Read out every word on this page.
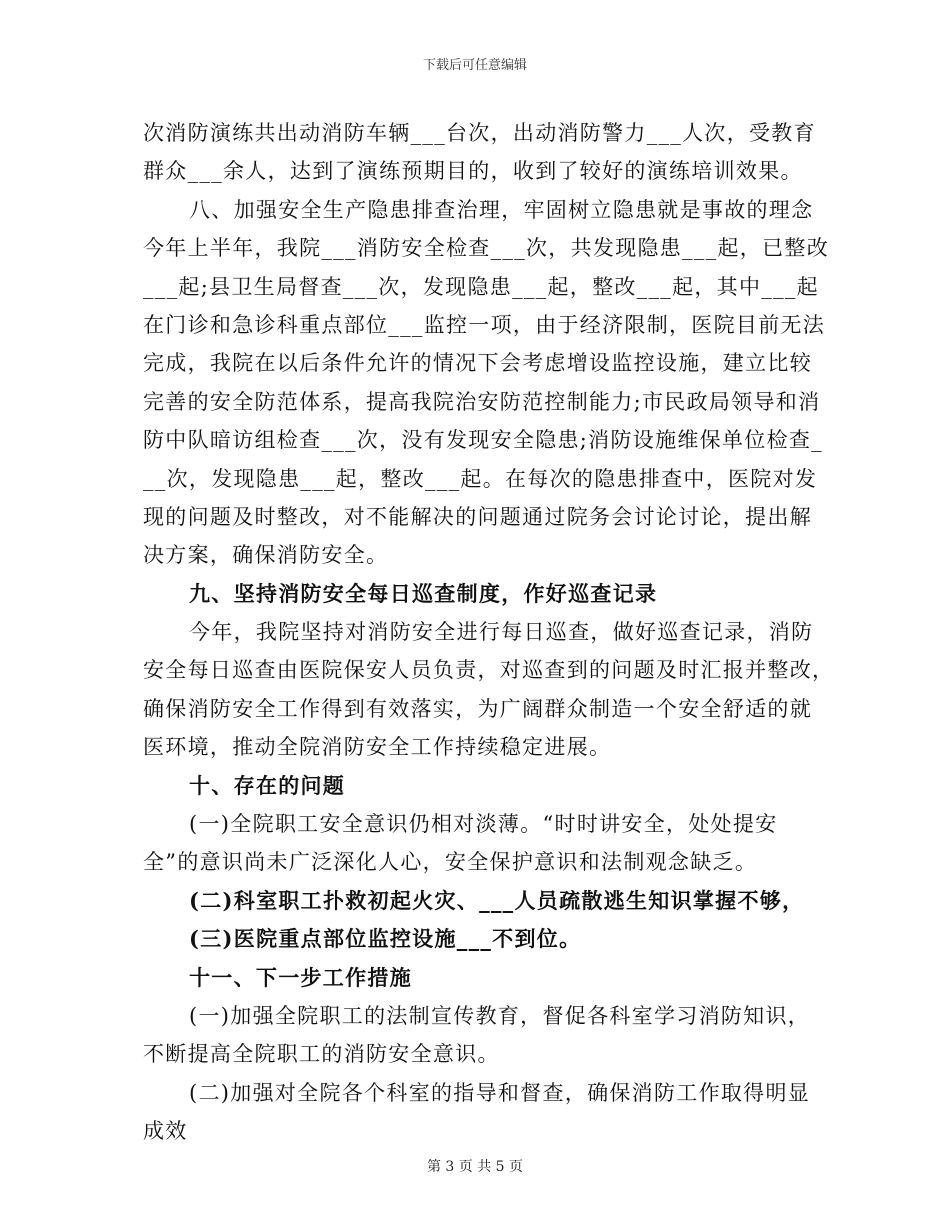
下载后可任意编辑
次消防演练共出动消防车辆___台次，出动消防警力___人次，受教育
群众___余人，达到了演练预期目的，收到了较好的演练培训效果。
八、加强安全生产隐患排查治理，牢固树立隐患就是事故的理念
今年上半年，我院___消防安全检查___次，共发现隐患___起，已整改
___起;县卫生局督查___次，发现隐患___起，整改___起，其中___起
在门诊和急诊科重点部位___监控一项，由于经济限制，医院目前无法
完成，我院在以后条件允许的情况下会考虑增设监控设施，建立比较
完善的安全防范体系，提高我院治安防范控制能力;市民政局领导和消
防中队暗访组检查___次，没有发现安全隐患;消防设施维保单位检查_
__次，发现隐患___起，整改___起。在每次的隐患排查中，医院对发
现的问题及时整改，对不能解决的问题通过院务会讨论讨论，提出解
决方案，确保消防安全。
九、坚持消防安全每日巡查制度，作好巡查记录
今年，我院坚持对消防安全进行每日巡查，做好巡查记录，消防
安全每日巡查由医院保安人员负责，对巡查到的问题及时汇报并整改，
确保消防安全工作得到有效落实，为广阔群众制造一个安全舒适的就
医环境，推动全院消防安全工作持续稳定进展。
十、存在的问题
(一)全院职工安全意识仍相对淡薄。“时时讲安全，处处提安
全”的意识尚未广泛深化人心，安全保护意识和法制观念缺乏。
(二)科室职工扑救初起火灾、___人员疏散逃生知识掌握不够，
(三)医院重点部位监控设施___不到位。
十一、下一步工作措施
(一)加强全院职工的法制宣传教育，督促各科室学习消防知识，
不断提高全院职工的消防安全意识。
(二)加强对全院各个科室的指导和督查，确保消防工作取得明显
成效
第 3 页 共 5 页
